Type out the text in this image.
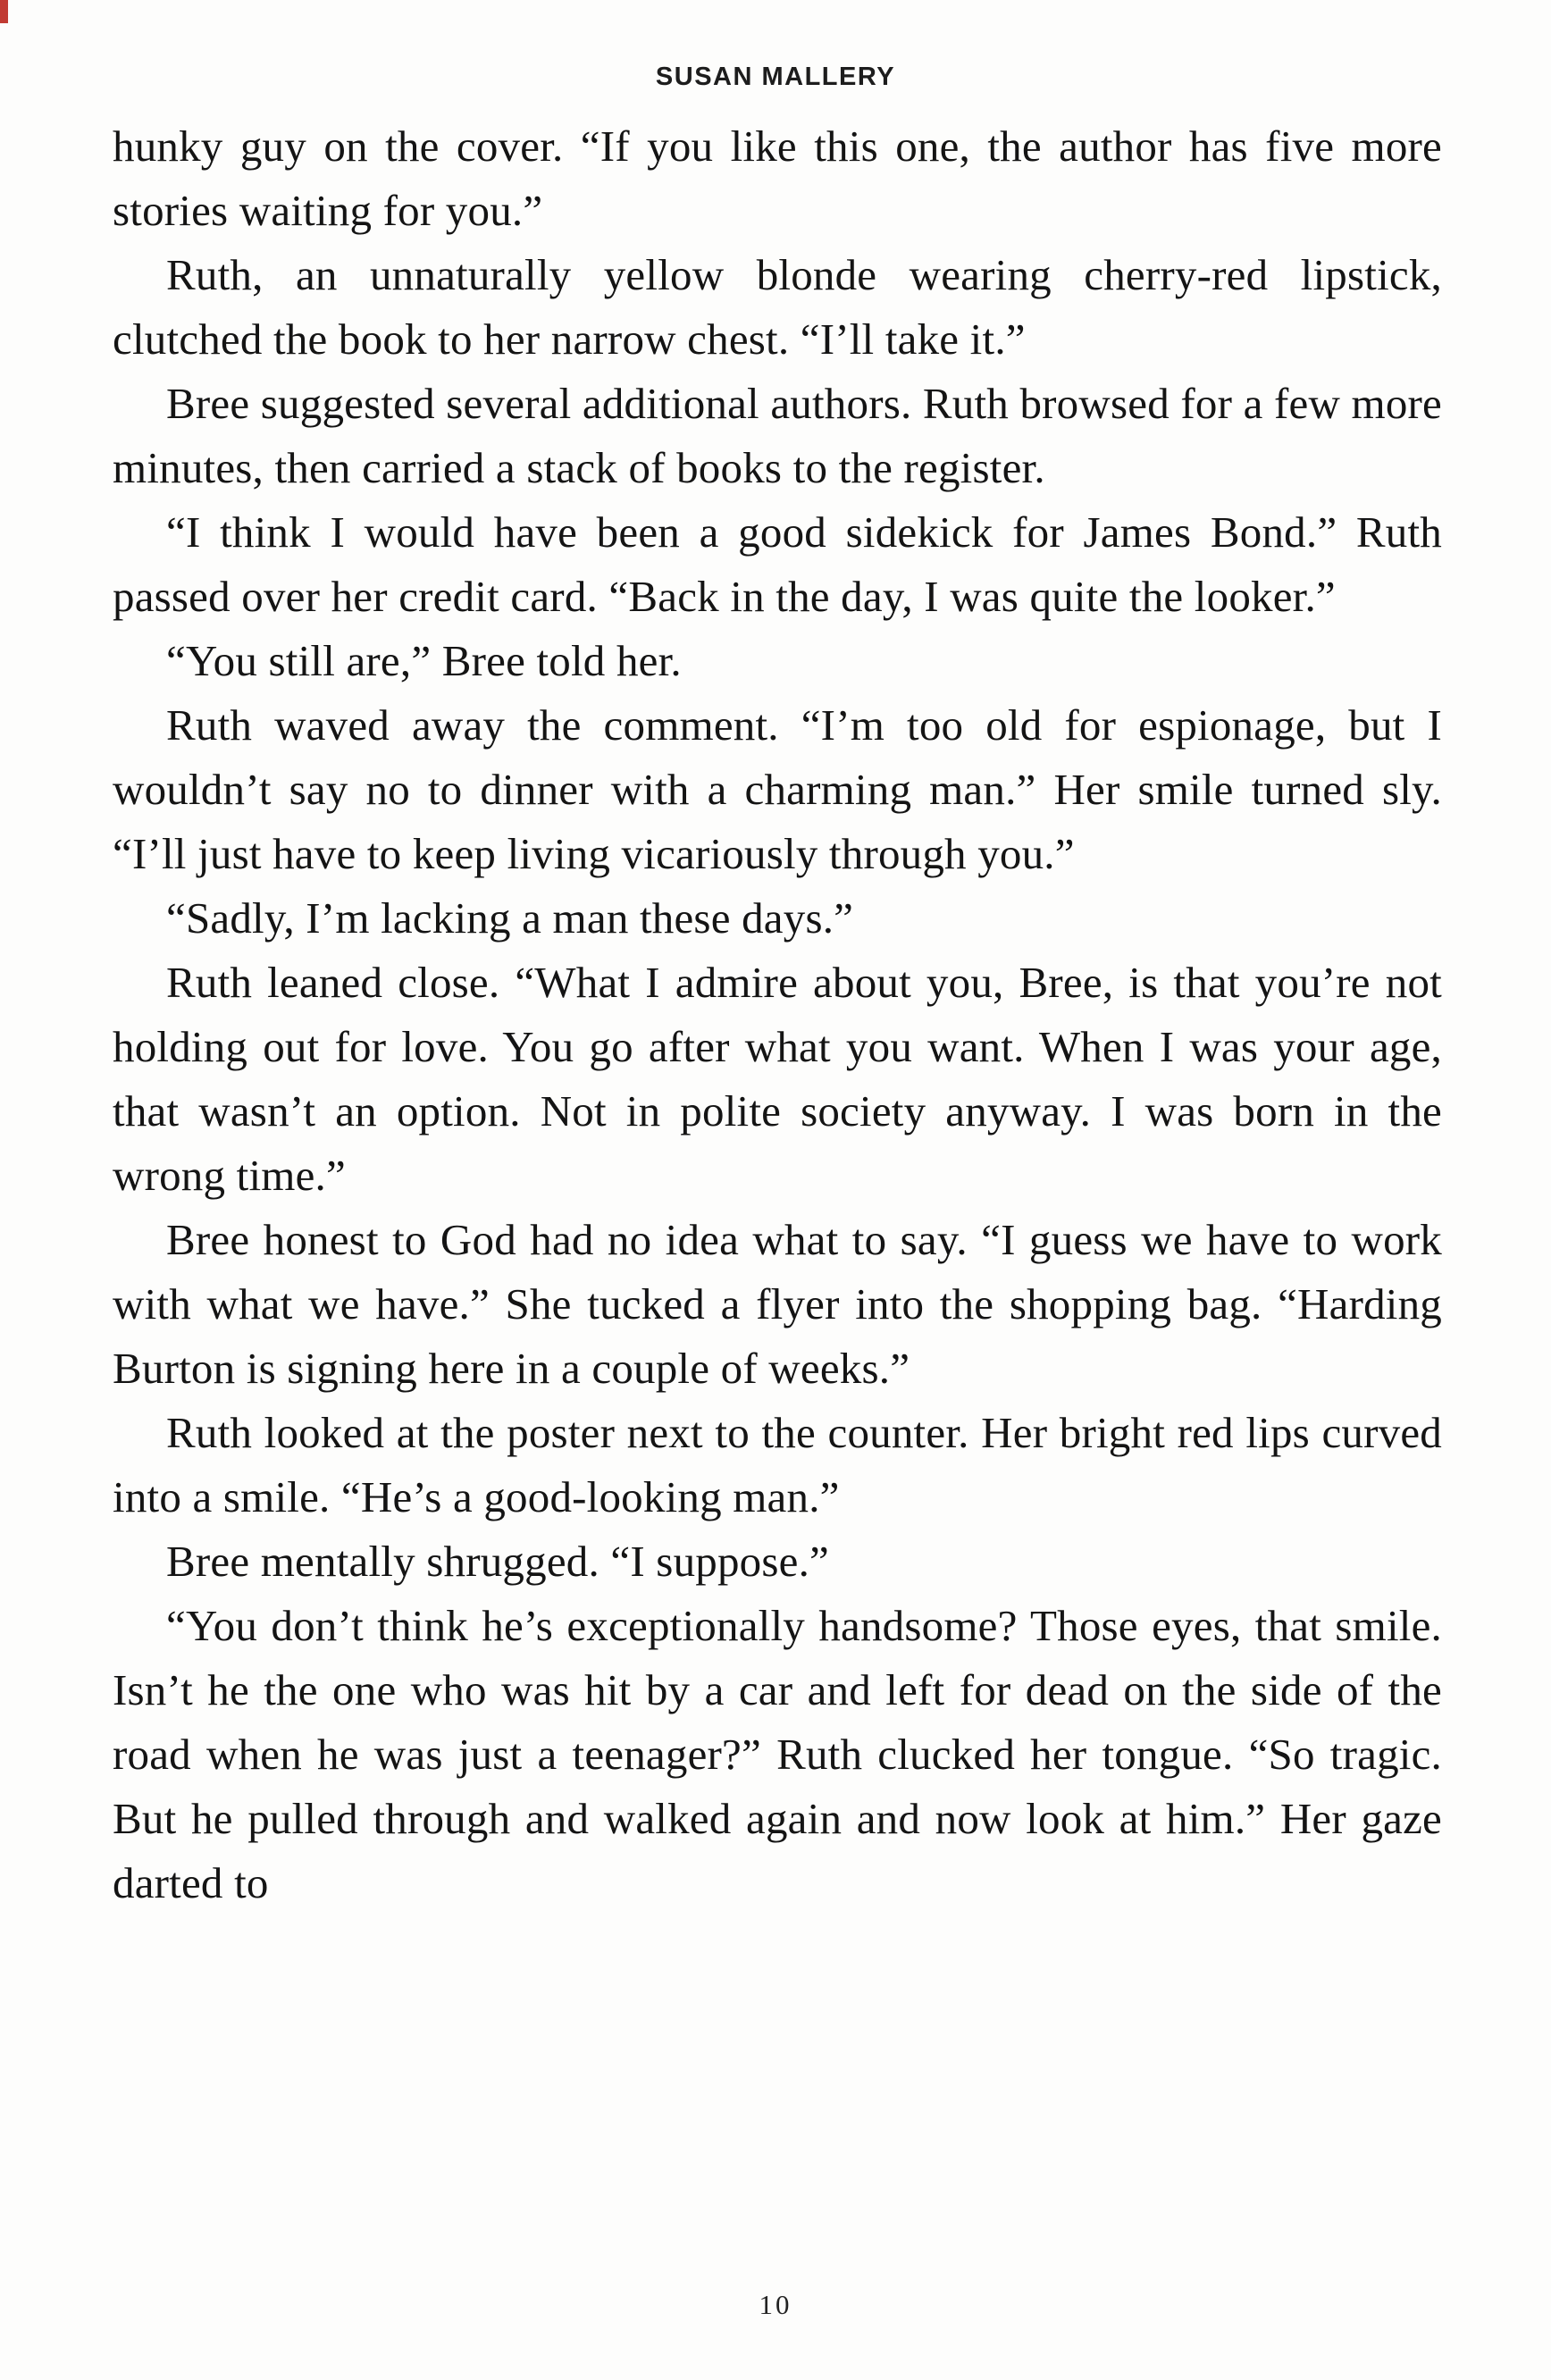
SUSAN MALLERY

hunky guy on the cover. “If you like this one, the author has five more stories waiting for you.”

Ruth, an unnaturally yellow blonde wearing cherry-red lipstick, clutched the book to her narrow chest. “I’ll take it.”

Bree suggested several additional authors. Ruth browsed for a few more minutes, then carried a stack of books to the register.

“I think I would have been a good sidekick for James Bond.” Ruth passed over her credit card. “Back in the day, I was quite the looker.”

“You still are,” Bree told her.

Ruth waved away the comment. “I’m too old for espionage, but I wouldn’t say no to dinner with a charming man.” Her smile turned sly. “I’ll just have to keep living vicariously through you.”

“Sadly, I’m lacking a man these days.”

Ruth leaned close. “What I admire about you, Bree, is that you’re not holding out for love. You go after what you want. When I was your age, that wasn’t an option. Not in polite society anyway. I was born in the wrong time.”

Bree honest to God had no idea what to say. “I guess we have to work with what we have.” She tucked a flyer into the shopping bag. “Harding Burton is signing here in a couple of weeks.”

Ruth looked at the poster next to the counter. Her bright red lips curved into a smile. “He’s a good-looking man.”

Bree mentally shrugged. “I suppose.”

“You don’t think he’s exceptionally handsome? Those eyes, that smile. Isn’t he the one who was hit by a car and left for dead on the side of the road when he was just a teenager?” Ruth clucked her tongue. “So tragic. But he pulled through and walked again and now look at him.” Her gaze darted to

10
